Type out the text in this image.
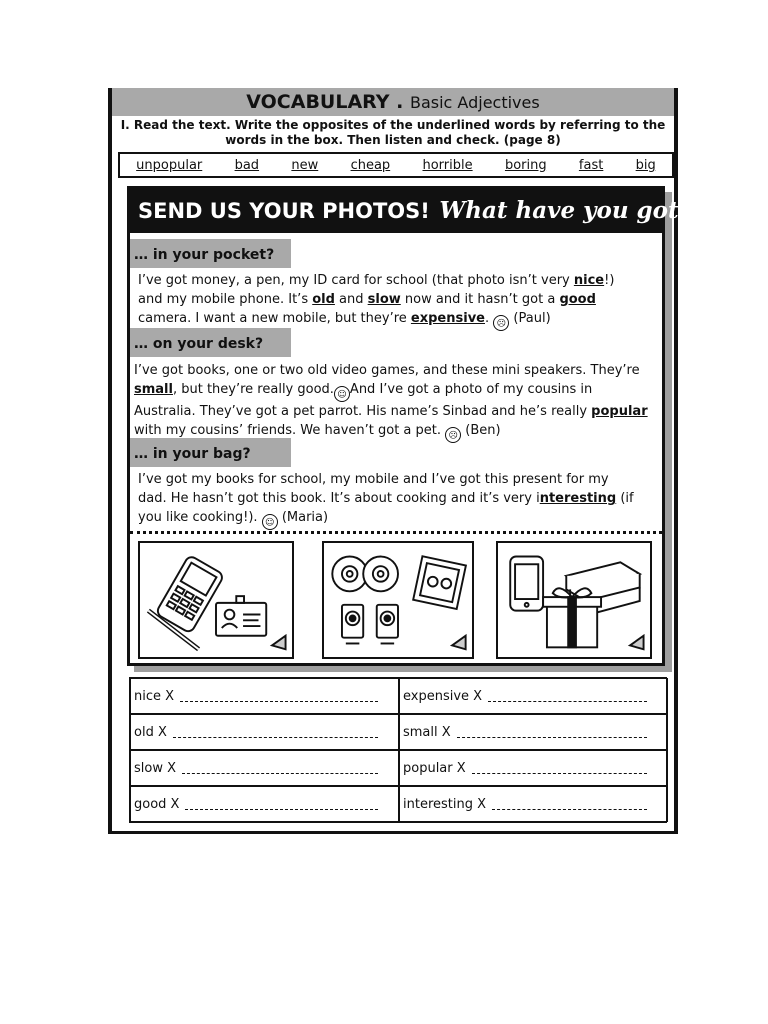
VOCABULARY . Basic Adjectives
I. Read the text. Write the opposites of the underlined words by referring to the
words in the box. Then listen and check. (page 8)
unpopular bad new cheap horrible boring fast big
SEND US YOUR PHOTOS! What have you got…
… in your pocket?
I’ve got money, a pen, my ID card for school (that photo isn’t very nice!)
and my mobile phone. It’s old and slow now and it hasn’t got a good
camera. I want a new mobile, but they’re expensive. ☹ (Paul)
… on your desk?
I’ve got books, one or two old video games, and these mini speakers. They’re
small, but they’re really good. ☺ And I’ve got a photo of my cousins in
Australia. They’ve got a pet parrot. His name’s Sinbad and he’s really popular
with my cousins’ friends. We haven’t got a pet. ☹ (Ben)
… in your bag?
I’ve got my books for school, my mobile and I’ve got this present for my
dad. He hasn’t got this book. It’s about cooking and it’s very interesting (if
you like cooking!). ☺ (Maria)
nice X	expensive X
old X	small X
slow X	popular X
good X	interesting X
